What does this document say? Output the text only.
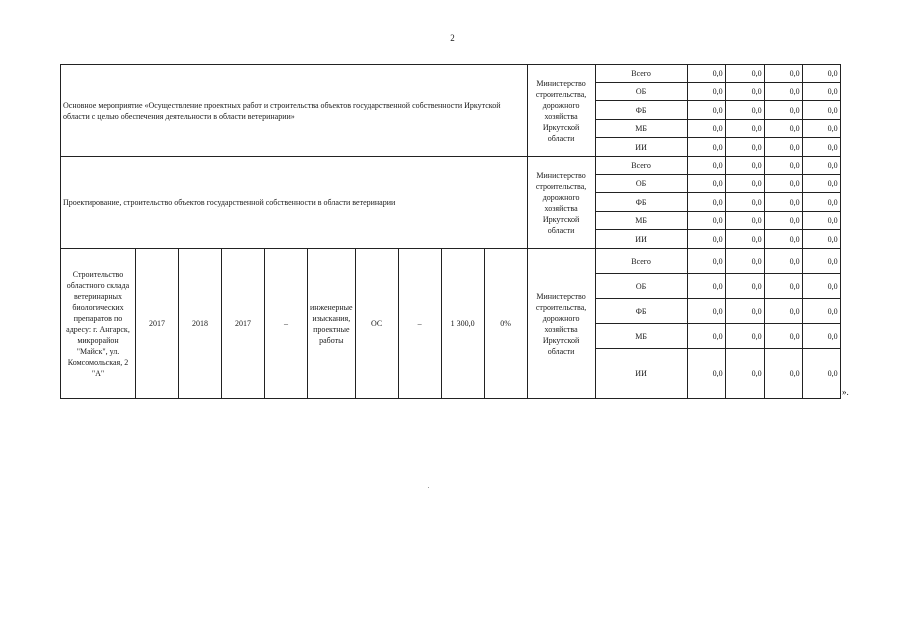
2
Основное мероприятие «Осуществление проектных работ и строительства объектов государственной собственности Иркутской области с целью обеспечения деятельности в области ветеринарии»										Министерство строительства, дорожного хозяйства Иркутской области	Всего	0,0	0,0	0,0	0,0
											ОБ	0,0	0,0	0,0	0,0
											ФБ	0,0	0,0	0,0	0,0
											МБ	0,0	0,0	0,0	0,0
											ИИ	0,0	0,0	0,0	0,0
Проектирование, строительство объектов государственной собственности в области ветеринарии										Министерство строительства, дорожного хозяйства Иркутской области	Всего	0,0	0,0	0,0	0,0
											ОБ	0,0	0,0	0,0	0,0
											ФБ	0,0	0,0	0,0	0,0
											МБ	0,0	0,0	0,0	0,0
											ИИ	0,0	0,0	0,0	0,0
Строительство областного склада ветеринарных биологических препаратов по адресу: г. Ангарск, микрорайон "Майск", ул. Комсомольская, 2 "А"	2017	2018	2017	–	инженерные изыскания, проектные работы	ОС	–	1 300,0	0%	Министерство строительства, дорожного хозяйства Иркутской области	Всего	0,0	0,0	0,0	0,0
											ОБ	0,0	0,0	0,0	0,0
											ФБ	0,0	0,0	0,0	0,0
											МБ	0,0	0,0	0,0	0,0
											ИИ	0,0	0,0	0,0	0,0
».
